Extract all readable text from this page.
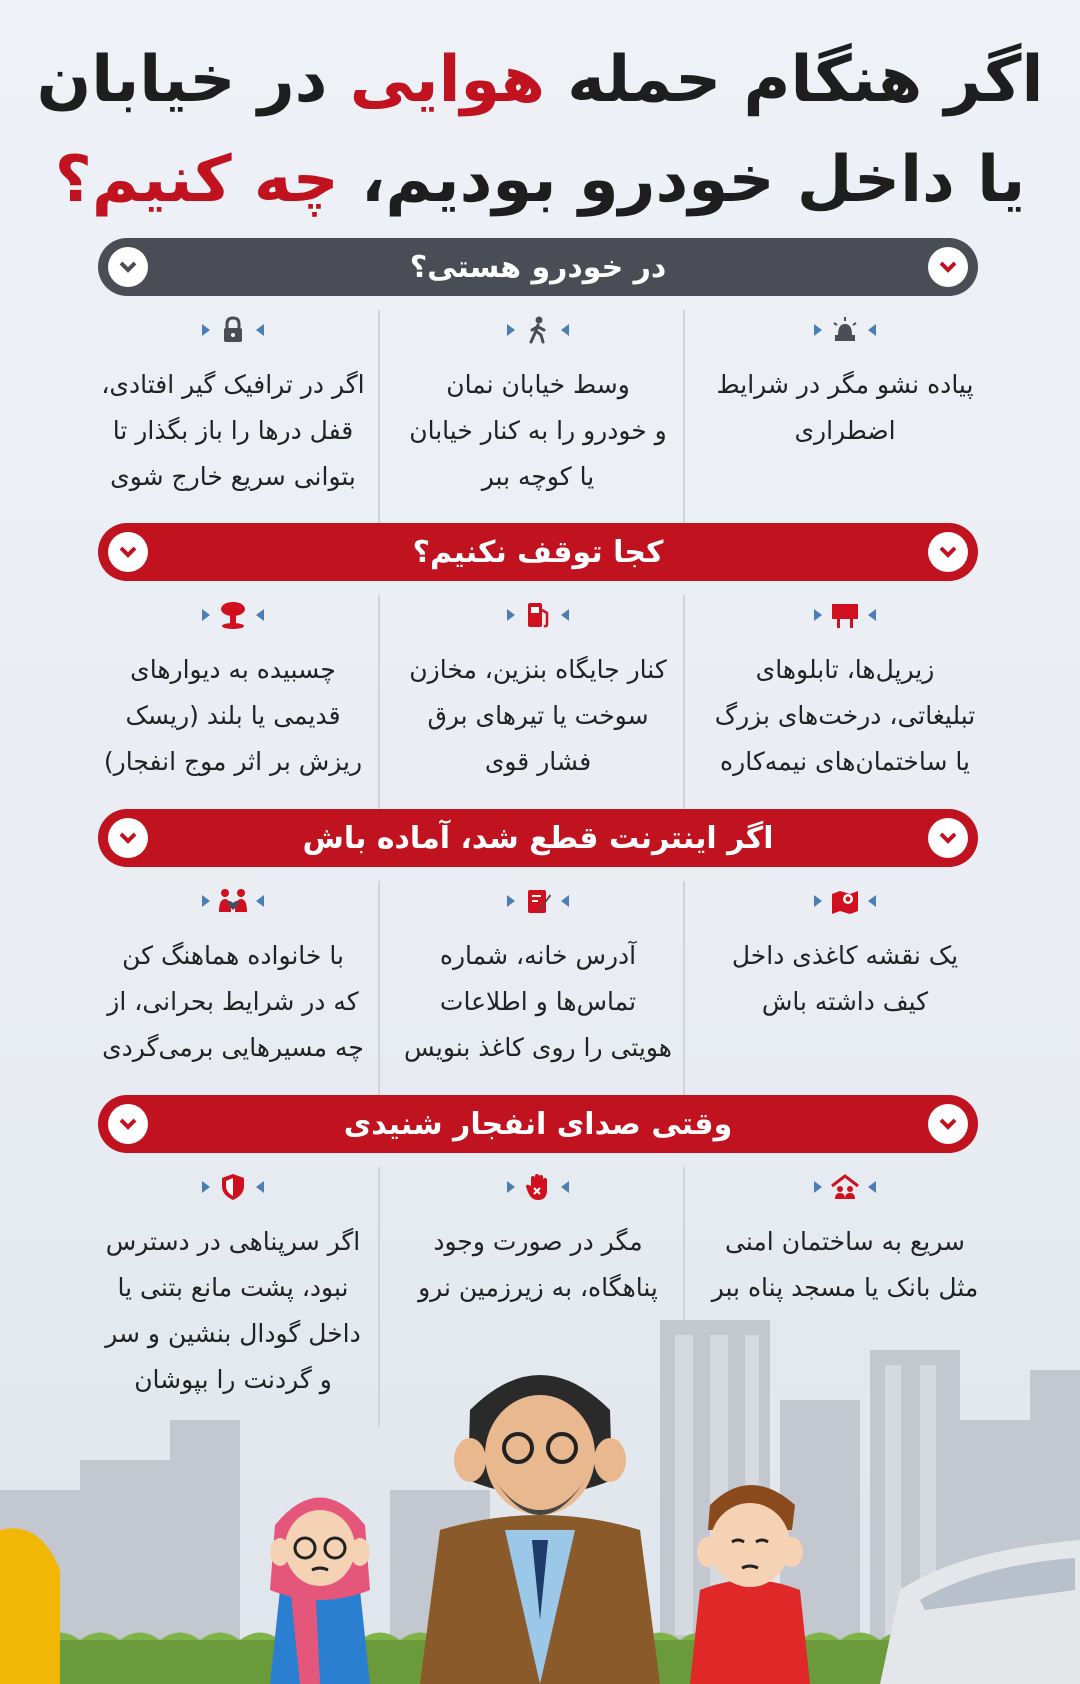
اگر هنگام حمله هوایی در خیابان
یا داخل خودرو بودیم، چه کنیم؟
در خودرو هستی؟
پیاده نشو مگر در شرایط
اضطراری
وسط خیابان نمان
و خودرو را به کنار خیابان
یا کوچه ببر
اگر در ترافیک گیر افتادی،
قفل درها را باز بگذار تا
بتوانی سریع خارج شوی
کجا توقف نکنیم؟
زیرپل‌ها، تابلوهای
تبلیغاتی، درخت‌های بزرگ
یا ساختمان‌های نیمه‌کاره
کنار جایگاه بنزین، مخازن
سوخت یا تیرهای برق
فشار قوی
چسبیده به دیوارهای
قدیمی یا بلند (ریسک
ریزش بر اثر موج انفجار)
اگر اینترنت قطع شد، آماده باش
یک نقشه کاغذی داخل
کیف داشته باش
آدرس خانه، شماره
تماس‌ها و اطلاعات
هویتی را روی کاغذ بنویس
با خانواده هماهنگ کن
که در شرایط بحرانی، از
چه مسیرهایی برمی‌گردی
وقتی صدای انفجار شنیدی
سریع به ساختمان امنی
مثل بانک یا مسجد پناه ببر
مگر در صورت وجود
پناهگاه، به زیرزمین نرو
اگر سرپناهی در دسترس
نبود، پشت مانع بتنی یا
داخل گودال بنشین و سر
و گردنت را بپوشان
